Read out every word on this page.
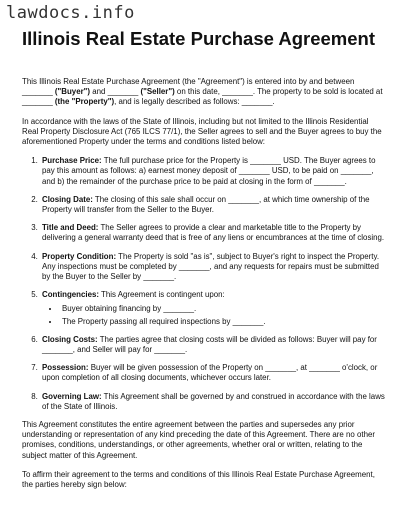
lawdocs.info
Illinois Real Estate Purchase Agreement

This Illinois Real Estate Purchase Agreement (the "Agreement") is entered into by and between _______ ("Buyer") and _______ ("Seller") on this date, _______. The property to be sold is located at _______ (the "Property"), and is legally described as follows: _______.

In accordance with the laws of the State of Illinois, including but not limited to the Illinois Residential Real Property Disclosure Act (765 ILCS 77/1), the Seller agrees to sell and the Buyer agrees to buy the aforementioned Property under the terms and conditions listed below:

1. Purchase Price: The full purchase price for the Property is _______ USD. The Buyer agrees to pay this amount as follows: a) earnest money deposit of _______ USD, to be paid on _______, and b) the remainder of the purchase price to be paid at closing in the form of _______.
2. Closing Date: The closing of this sale shall occur on _______, at which time ownership of the Property will transfer from the Seller to the Buyer.
3. Title and Deed: The Seller agrees to provide a clear and marketable title to the Property by delivering a general warranty deed that is free of any liens or encumbrances at the time of closing.
4. Property Condition: The Property is sold "as is", subject to Buyer's right to inspect the Property. Any inspections must be completed by _______, and any requests for repairs must be submitted by the Buyer to the Seller by _______.
5. Contingencies: This Agreement is contingent upon:
• Buyer obtaining financing by _______.
• The Property passing all required inspections by _______.
6. Closing Costs: The parties agree that closing costs will be divided as follows: Buyer will pay for _______, and Seller will pay for _______.
7. Possession: Buyer will be given possession of the Property on _______, at _______ o'clock, or upon completion of all closing documents, whichever occurs later.
8. Governing Law: This Agreement shall be governed by and construed in accordance with the laws of the State of Illinois.

This Agreement constitutes the entire agreement between the parties and supersedes any prior understanding or representation of any kind preceding the date of this Agreement. There are no other promises, conditions, understandings, or other agreements, whether oral or written, relating to the subject matter of this Agreement.

To affirm their agreement to the terms and conditions of this Illinois Real Estate Purchase Agreement, the parties hereby sign below:
